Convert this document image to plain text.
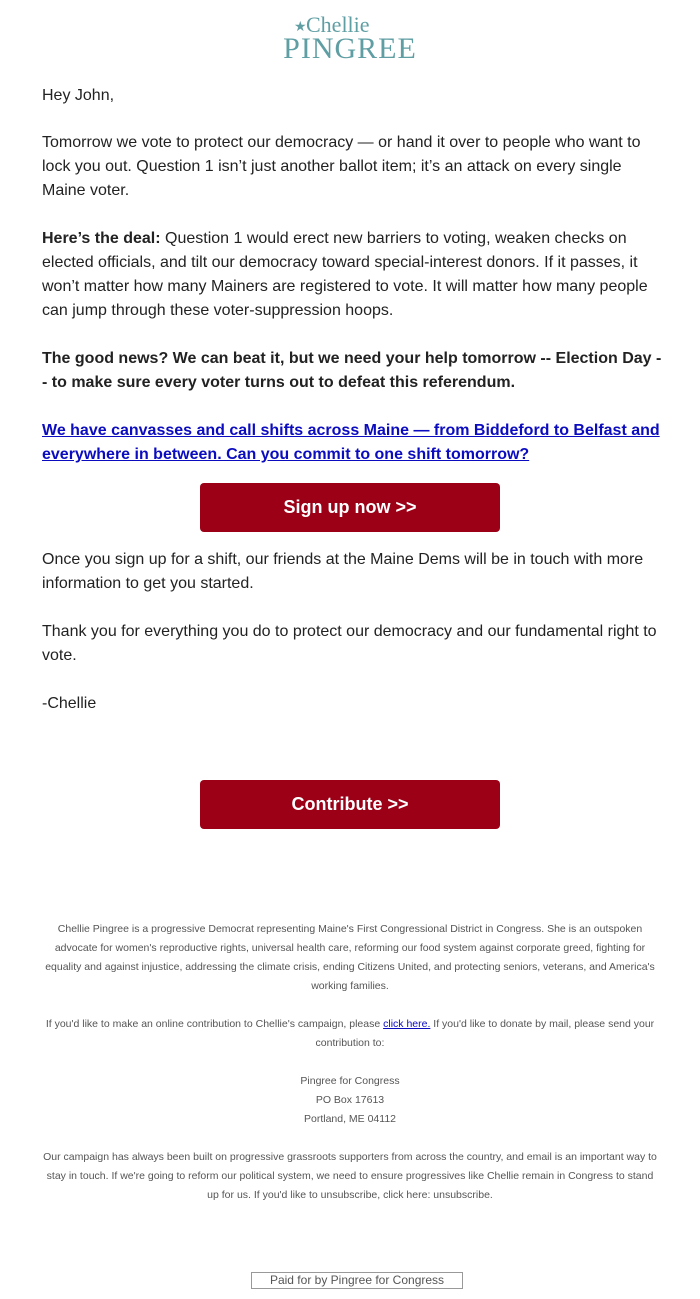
★ Chellie
PINGREE

Hey John,

Tomorrow we vote to protect our democracy — or hand it over to people who want to lock you out. Question 1 isn’t just another ballot item; it’s an attack on every single Maine voter.

Here’s the deal: Question 1 would erect new barriers to voting, weaken checks on elected officials, and tilt our democracy toward special-interest donors. If it passes, it won’t matter how many Mainers are registered to vote. It will matter how many people can jump through these voter-suppression hoops.

The good news? We can beat it, but we need your help tomorrow -- Election Day -- to make sure every voter turns out to defeat this referendum.

We have canvasses and call shifts across Maine — from Biddeford to Belfast and everywhere in between. Can you commit to one shift tomorrow?

Sign up now >>

Once you sign up for a shift, our friends at the Maine Dems will be in touch with more information to get you started.

Thank you for everything you do to protect our democracy and our fundamental right to vote.

-Chellie

Contribute >>

Chellie Pingree is a progressive Democrat representing Maine's First Congressional District in Congress. She is an outspoken advocate for women's reproductive rights, universal health care, reforming our food system against corporate greed, fighting for equality and against injustice, addressing the climate crisis, ending Citizens United, and protecting seniors, veterans, and America's working families.

If you'd like to make an online contribution to Chellie's campaign, please click here. If you'd like to donate by mail, please send your contribution to:

Pingree for Congress
PO Box 17613
Portland, ME 04112

Our campaign has always been built on progressive grassroots supporters from across the country, and email is an important way to stay in touch. If we're going to reform our political system, we need to ensure progressives like Chellie remain in Congress to stand up for us. If you'd like to unsubscribe, click here: unsubscribe.

Paid for by Pingree for Congress
